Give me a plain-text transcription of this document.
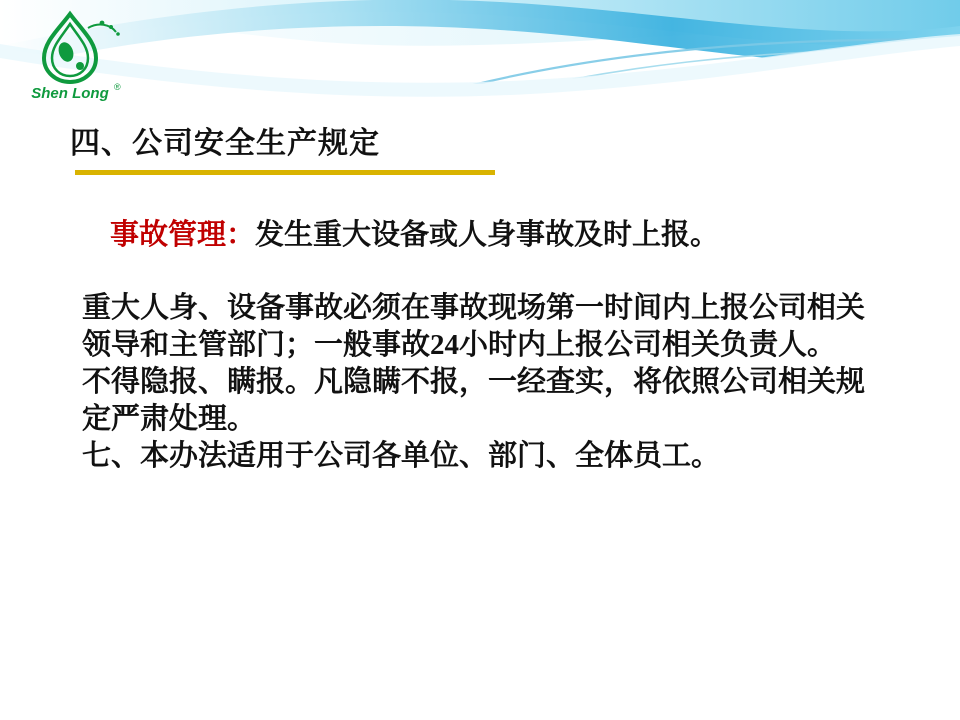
Shen Long ®
四、公司安全生产规定
事故管理：发生重大设备或人身事故及时上报。

重大人身、设备事故必须在事故现场第一时间内上报公司相关领导和主管部门；一般事故24小时内上报公司相关负责人。

不得隐报、瞒报。凡隐瞒不报，一经查实，将依照公司相关规定严肃处理。

七、本办法适用于公司各单位、部门、全体员工。
